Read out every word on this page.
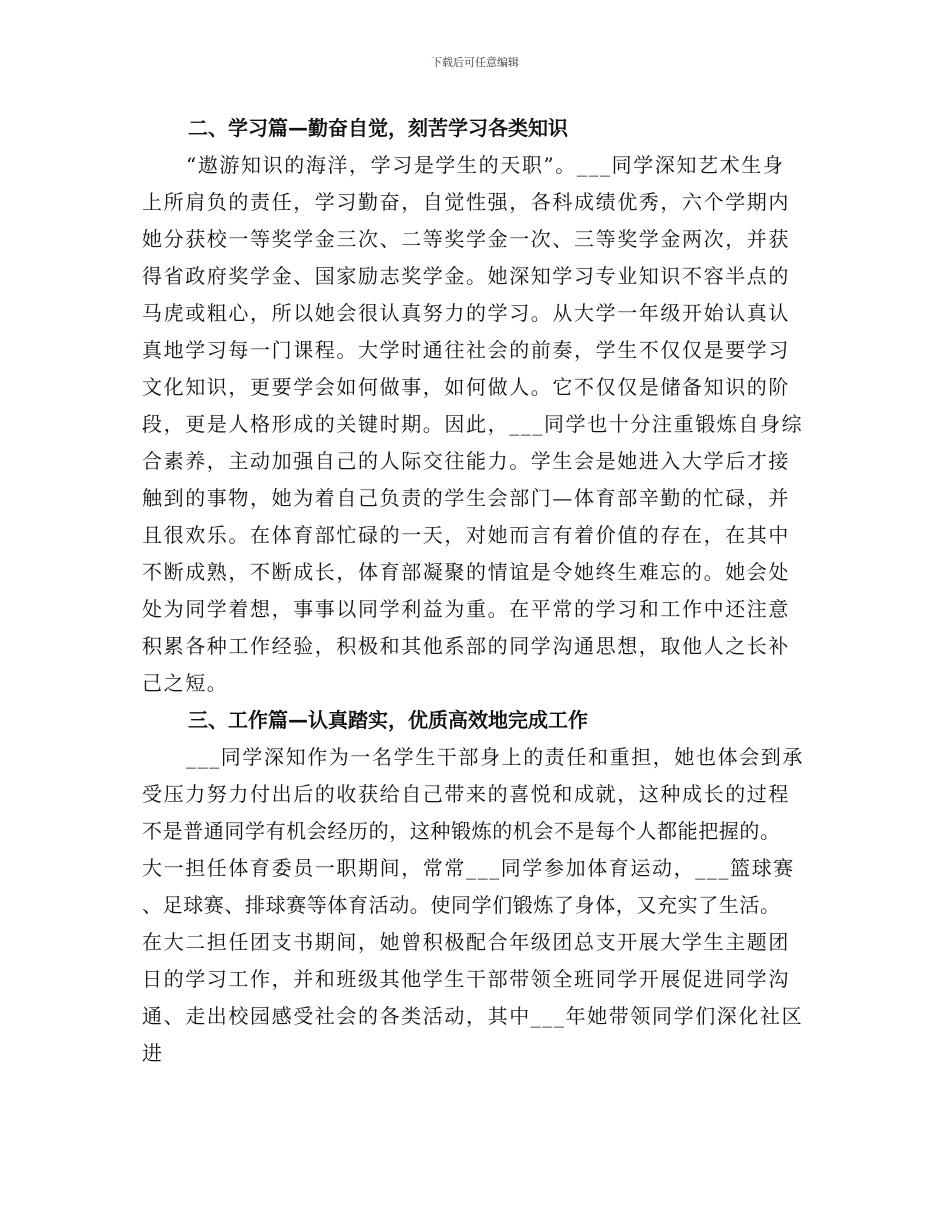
下载后可任意编辑
二、学习篇—勤奋自觉，刻苦学习各类知识
“遨游知识的海洋，学习是学生的天职”。___同学深知艺术生身
上所肩负的责任，学习勤奋，自觉性强，各科成绩优秀，六个学期内
她分获校一等奖学金三次、二等奖学金一次、三等奖学金两次，并获
得省政府奖学金、国家励志奖学金。她深知学习专业知识不容半点的
马虎或粗心，所以她会很认真努力的学习。从大学一年级开始认真认
真地学习每一门课程。大学时通往社会的前奏，学生不仅仅是要学习
文化知识，更要学会如何做事，如何做人。它不仅仅是储备知识的阶
段，更是人格形成的关键时期。因此，___同学也十分注重锻炼自身综
合素养，主动加强自己的人际交往能力。学生会是她进入大学后才接
触到的事物，她为着自己负责的学生会部门—体育部辛勤的忙碌，并
且很欢乐。在体育部忙碌的一天，对她而言有着价值的存在，在其中
不断成熟，不断成长，体育部凝聚的情谊是令她终生难忘的。她会处
处为同学着想，事事以同学利益为重。在平常的学习和工作中还注意
积累各种工作经验，积极和其他系部的同学沟通思想，取他人之长补
己之短。
三、工作篇—认真踏实，优质高效地完成工作
___同学深知作为一名学生干部身上的责任和重担，她也体会到承
受压力努力付出后的收获给自己带来的喜悦和成就，这种成长的过程
不是普通同学有机会经历的，这种锻炼的机会不是每个人都能把握的。
大一担任体育委员一职期间，常常___同学参加体育运动，___篮球赛
、足球赛、排球赛等体育活动。使同学们锻炼了身体，又充实了生活。
在大二担任团支书期间，她曾积极配合年级团总支开展大学生主题团
日的学习工作，并和班级其他学生干部带领全班同学开展促进同学沟
通、走出校园感受社会的各类活动，其中___年她带领同学们深化社区
进
